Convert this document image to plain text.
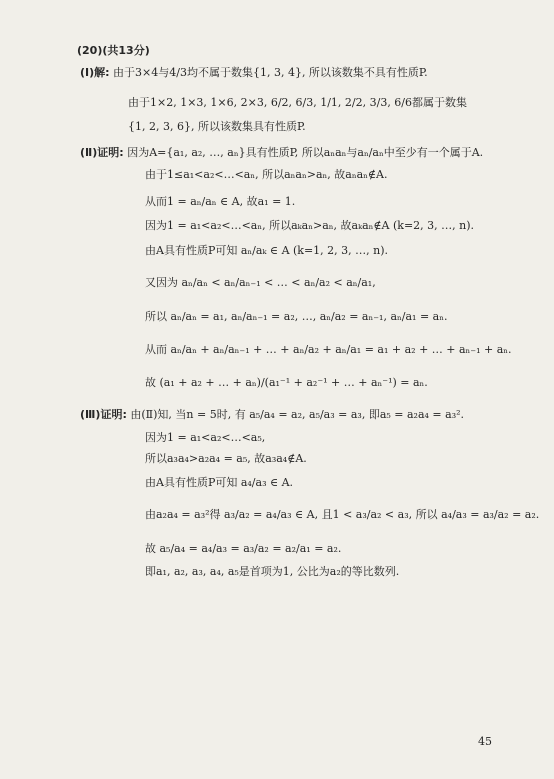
(20)(共13分)
(Ⅰ)解: 由于3×4与4/3均不属于数集{1, 3, 4}, 所以该数集不具有性质P.
由于1×2, 1×3, 1×6, 2×3, 6/2, 6/3, 1/1, 2/2, 3/3, 6/6都属于数集
{1, 2, 3, 6}, 所以该数集具有性质P.
(Ⅱ)证明: 因为A={a₁, a₂, …, aₙ}具有性质P, 所以aₙaₙ与aₙ/aₙ中至少有一个属于A.
由于1≤a₁<a₂<…<aₙ, 所以aₙaₙ>aₙ, 故aₙaₙ∉A.
从而1 = aₙ/aₙ ∈ A, 故a₁ = 1.
因为1 = a₁<a₂<…<aₙ, 所以aₖaₙ>aₙ, 故aₖaₙ∉A (k=2, 3, …, n).
由A具有性质P可知 aₙ/aₖ ∈ A (k=1, 2, 3, …, n).
又因为 aₙ/aₙ < aₙ/aₙ₋₁ < … < aₙ/a₂ < aₙ/a₁,
所以 aₙ/aₙ = a₁, aₙ/aₙ₋₁ = a₂, …, aₙ/a₂ = aₙ₋₁, aₙ/a₁ = aₙ.
从而 aₙ/aₙ + aₙ/aₙ₋₁ + … + aₙ/a₂ + aₙ/a₁ = a₁ + a₂ + … + aₙ₋₁ + aₙ.
故 (a₁ + a₂ + … + aₙ)/(a₁⁻¹ + a₂⁻¹ + … + aₙ⁻¹) = aₙ.
(Ⅲ)证明: 由(Ⅱ)知, 当n = 5时, 有 a₅/a₄ = a₂, a₅/a₃ = a₃, 即a₅ = a₂a₄ = a₃².
因为1 = a₁<a₂<…<a₅,
所以a₃a₄>a₂a₄ = a₅, 故a₃a₄∉A.
由A具有性质P可知 a₄/a₃ ∈ A.
由a₂a₄ = a₃²得 a₃/a₂ = a₄/a₃ ∈ A, 且1 < a₃/a₂ < a₃, 所以 a₄/a₃ = a₃/a₂ = a₂.
故 a₅/a₄ = a₄/a₃ = a₃/a₂ = a₂/a₁ = a₂.
即a₁, a₂, a₃, a₄, a₅是首项为1, 公比为a₂的等比数列.
45
